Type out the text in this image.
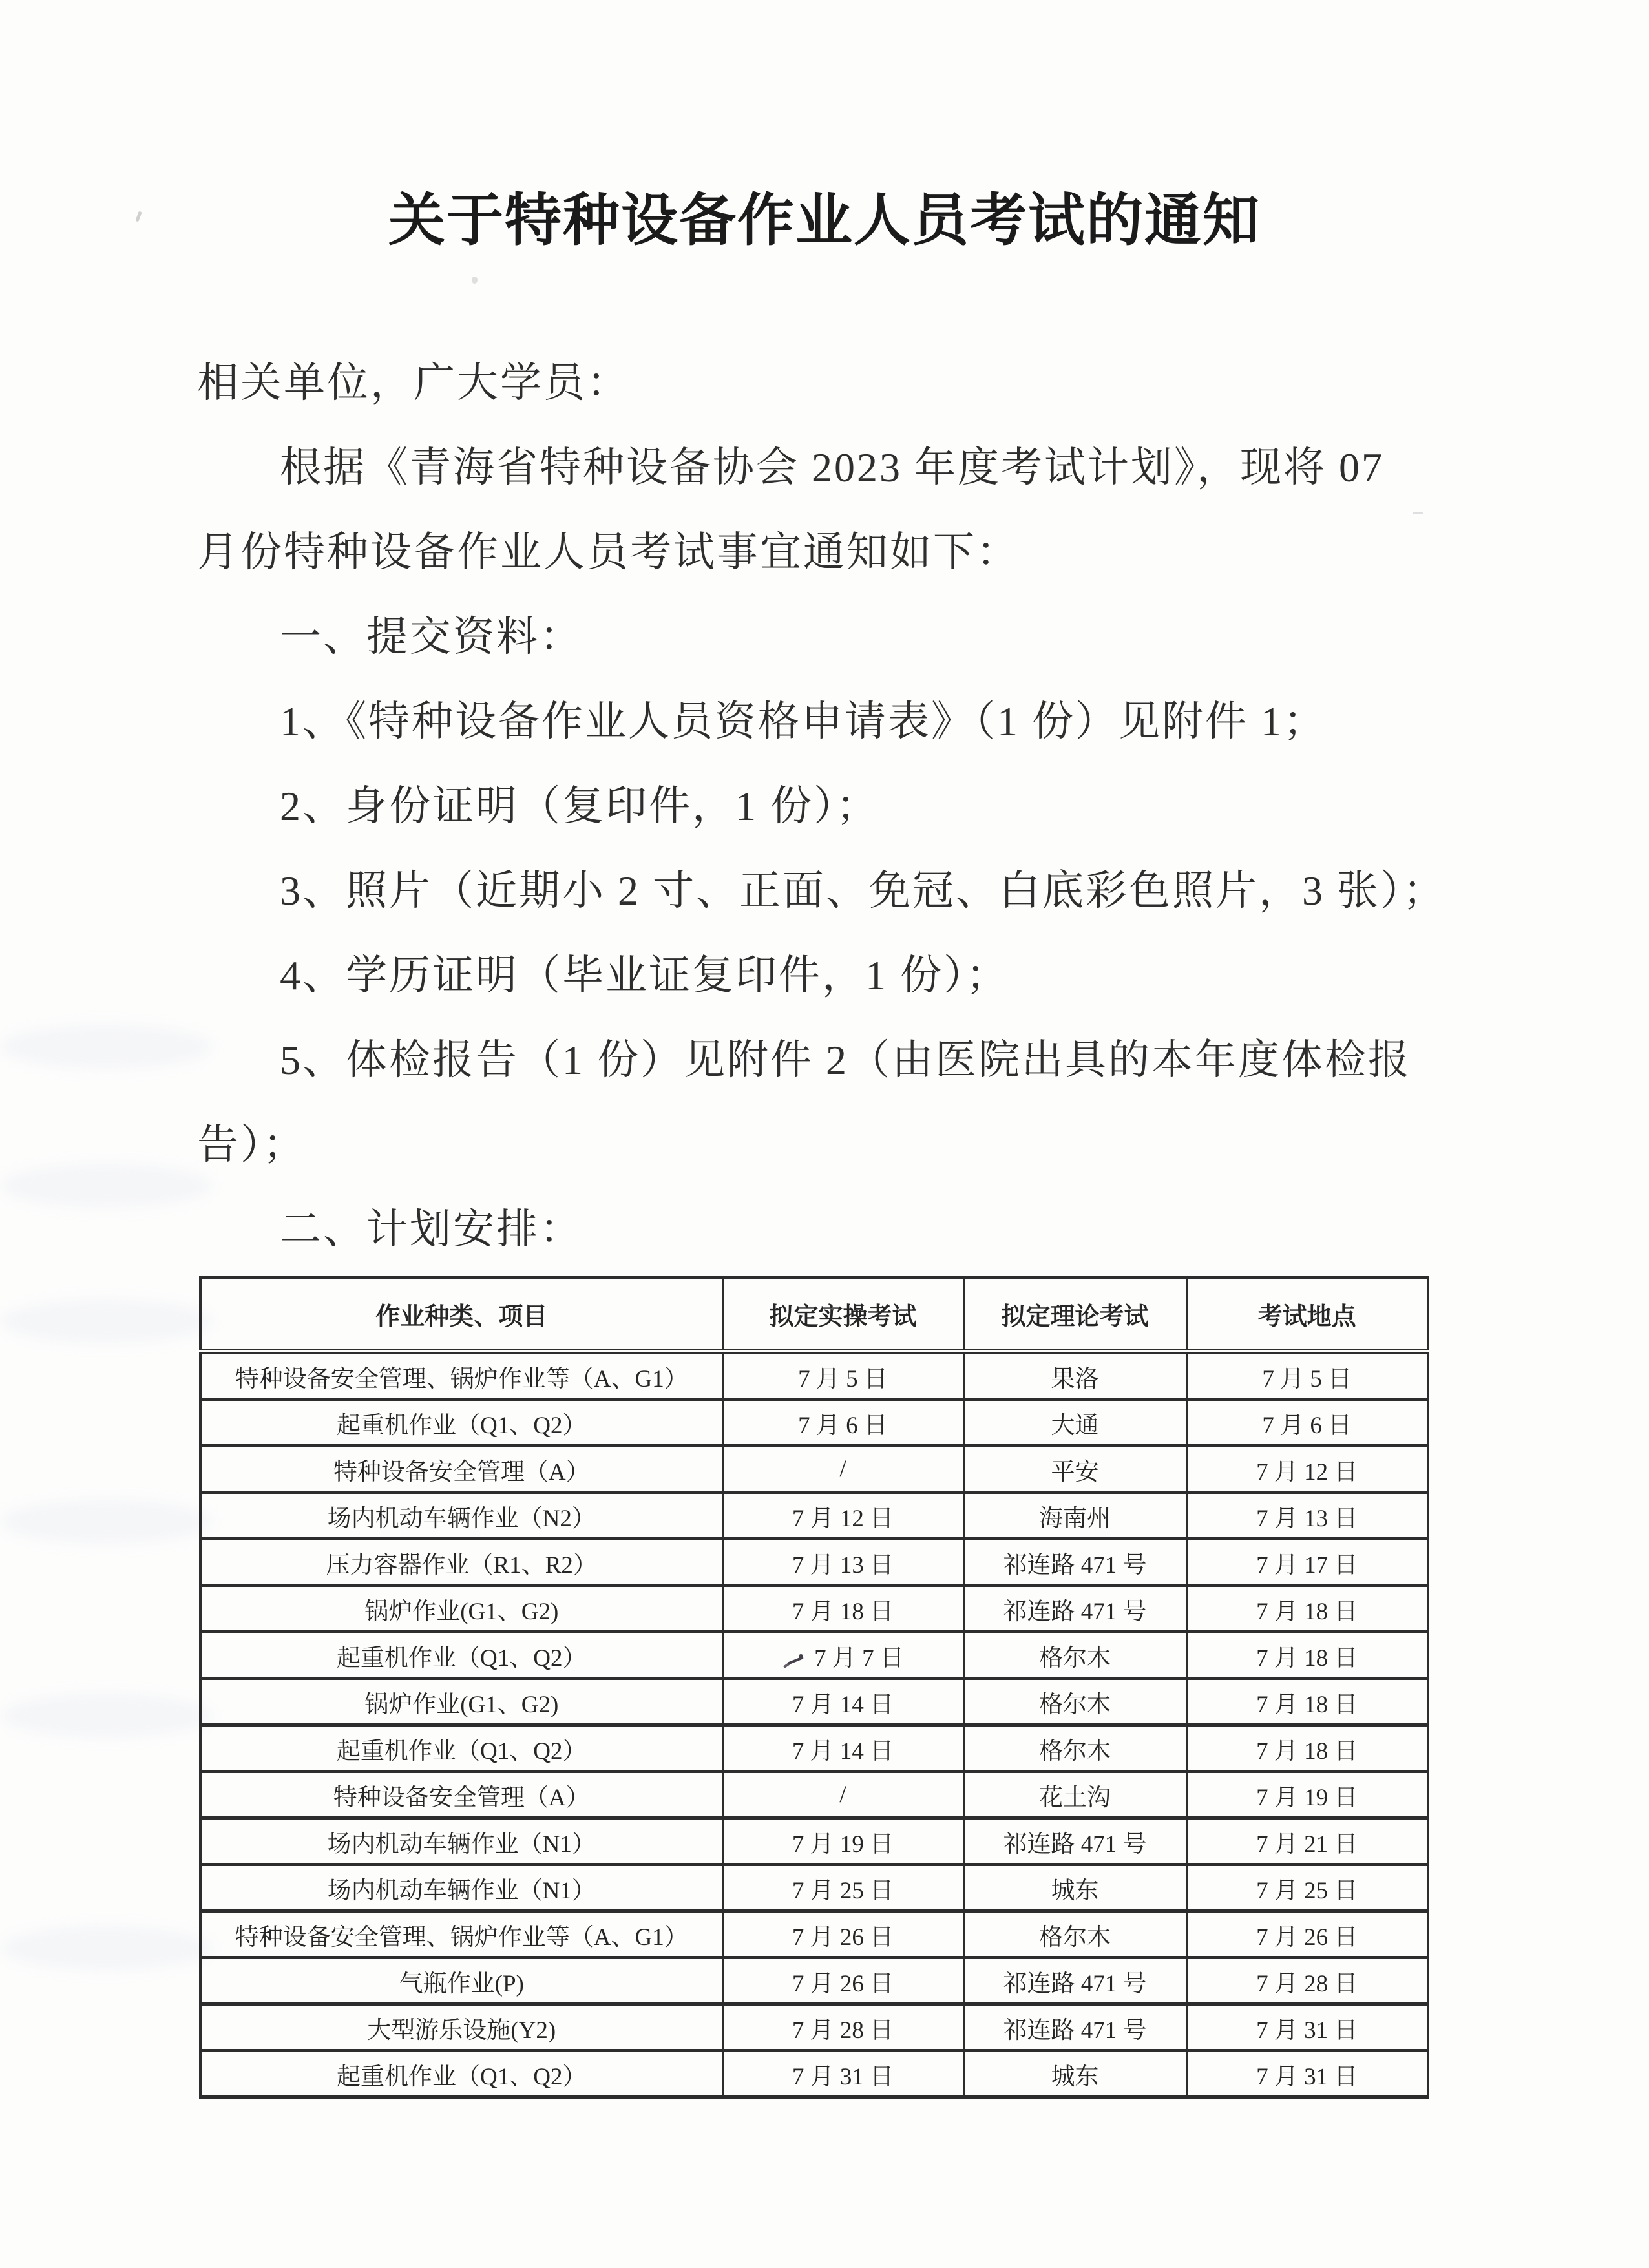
关于特种设备作业人员考试的通知

相关单位，广大学员：

根据《青海省特种设备协会 2023 年度考试计划》，现将 07

月份特种设备作业人员考试事宜通知如下：

一、提交资料：

1、《特种设备作业人员资格申请表》（1 份）见附件 1；

2、身份证明（复印件，1 份）；

3、照片（近期小 2 寸、正面、免冠、白底彩色照片，3 张）；

4、学历证明（毕业证复印件，1 份）；

5、体检报告（1 份）见附件 2（由医院出具的本年度体检报

告）；

二、计划安排：

作业种类、项目	拟定实操考试	拟定理论考试	考试地点
特种设备安全管理、锅炉作业等（A、G1）	7 月 5 日	果洛	7 月 5 日
起重机作业（Q1、Q2）	7 月 6 日	大通	7 月 6 日
特种设备安全管理（A）	/	平安	7 月 12 日
场内机动车辆作业（N2）	7 月 12 日	海南州	7 月 13 日
压力容器作业（R1、R2）	7 月 13 日	祁连路 471 号	7 月 17 日
锅炉作业(G1、G2)	7 月 18 日	祁连路 471 号	7 月 18 日
起重机作业（Q1、Q2）	7 月 7 日	格尔木	7 月 18 日
锅炉作业(G1、G2)	7 月 14 日	格尔木	7 月 18 日
起重机作业（Q1、Q2）	7 月 14 日	格尔木	7 月 18 日
特种设备安全管理（A）	/	花土沟	7 月 19 日
场内机动车辆作业（N1）	7 月 19 日	祁连路 471 号	7 月 21 日
场内机动车辆作业（N1）	7 月 25 日	城东	7 月 25 日
特种设备安全管理、锅炉作业等（A、G1）	7 月 26 日	格尔木	7 月 26 日
气瓶作业(P)	7 月 26 日	祁连路 471 号	7 月 28 日
大型游乐设施(Y2)	7 月 28 日	祁连路 471 号	7 月 31 日
起重机作业（Q1、Q2）	7 月 31 日	城东	7 月 31 日
